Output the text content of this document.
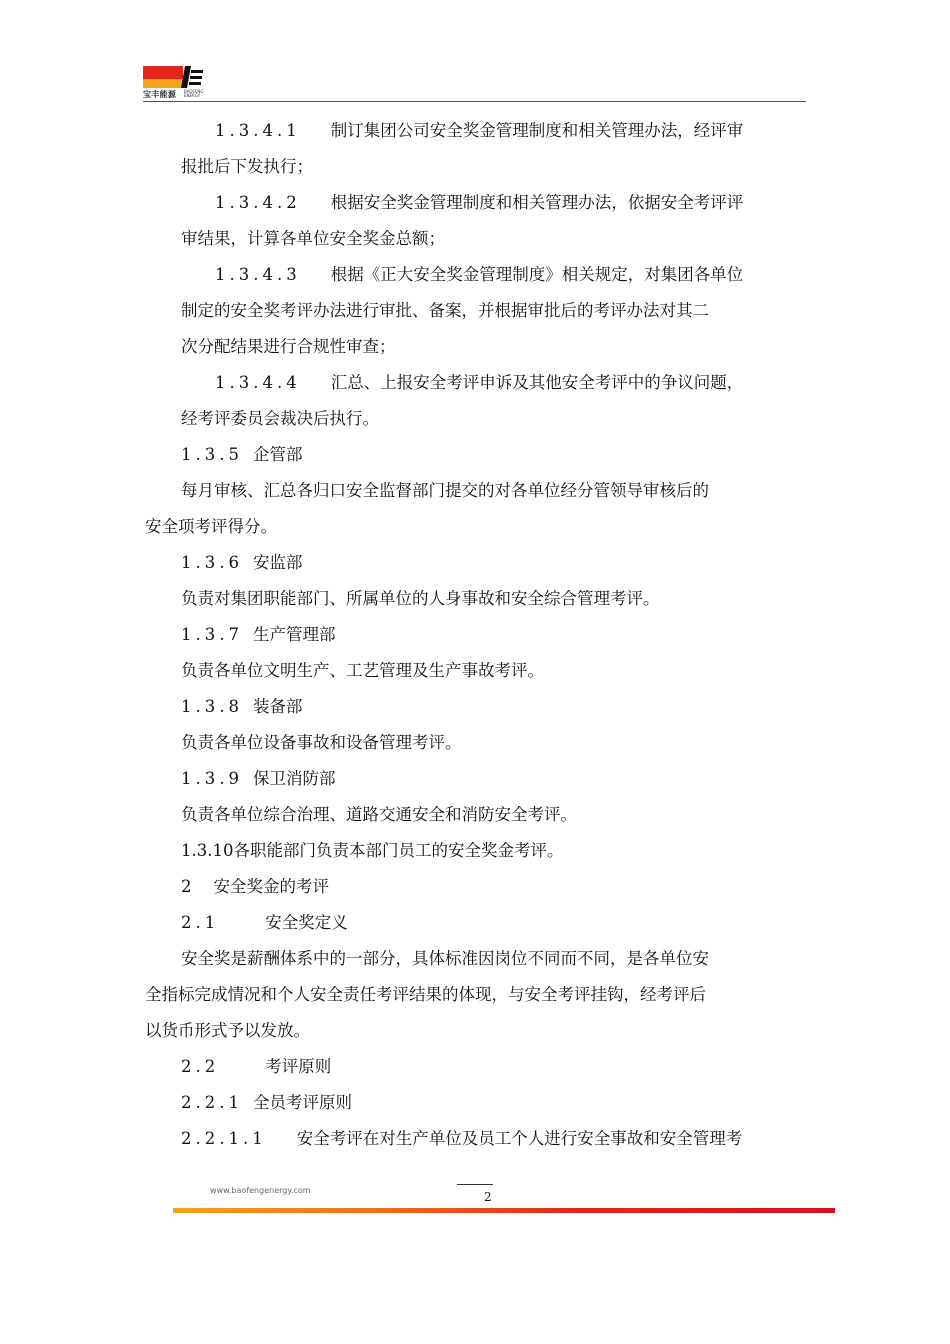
宝丰能源 BAOFENG
ENERGY

1.3.4.1 制订集团公司安全奖金管理制度和相关管理办法，经评审

报批后下发执行；

1.3.4.2 根据安全奖金管理制度和相关管理办法，依据安全考评评

审结果，计算各单位安全奖金总额；

1.3.4.3 根据《正大安全奖金管理制度》相关规定，对集团各单位

制定的安全奖考评办法进行审批、备案，并根据审批后的考评办法对其二

次分配结果进行合规性审查；

1.3.4.4 汇总、上报安全考评申诉及其他安全考评中的争议问题，

经考评委员会裁决后执行。

1.3.5 企管部

每月审核、汇总各归口安全监督部门提交的对各单位经分管领导审核后的

安全项考评得分。

1.3.6 安监部

负责对集团职能部门、所属单位的人身事故和安全综合管理考评。

1.3.7 生产管理部

负责各单位文明生产、工艺管理及生产事故考评。

1.3.8 装备部

负责各单位设备事故和设备管理考评。

1.3.9 保卫消防部

负责各单位综合治理、道路交通安全和消防安全考评。

1.3.10各职能部门负责本部门员工的安全奖金考评。

2 安全奖金的考评

2.1	安全奖定义

安全奖是薪酬体系中的一部分，具体标准因岗位不同而不同，是各单位安

全指标完成情况和个人安全责任考评结果的体现，与安全考评挂钩，经考评后

以货币形式予以发放。

2.2	考评原则

2.2.1 全员考评原则

2.2.1.1 安全考评在对生产单位及员工个人进行安全事故和安全管理考

www.baofengenergy.com	2
